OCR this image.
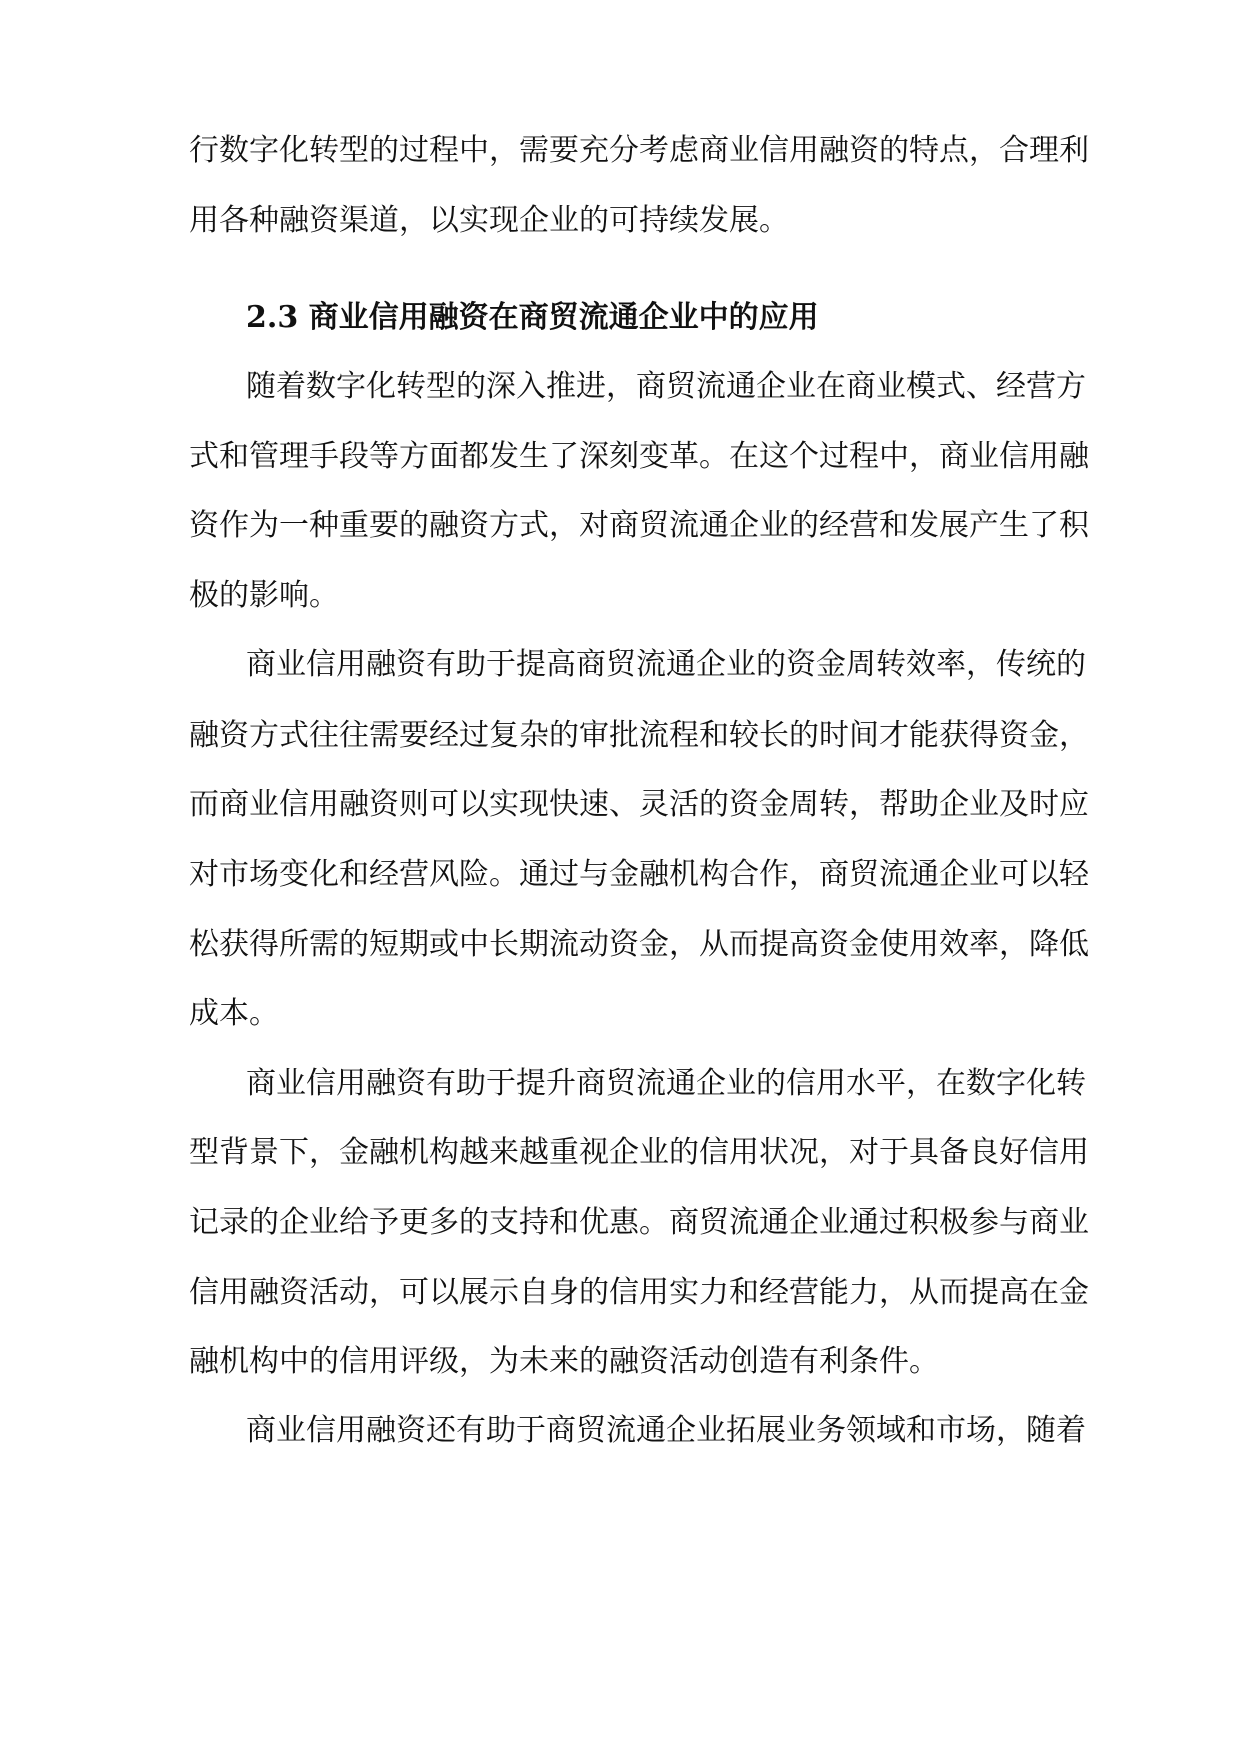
行数字化转型的过程中，需要充分考虑商业信用融资的特点，合理利
用各种融资渠道，以实现企业的可持续发展。
2.3 商业信用融资在商贸流通企业中的应用
随着数字化转型的深入推进，商贸流通企业在商业模式、经营方
式和管理手段等方面都发生了深刻变革。在这个过程中，商业信用融
资作为一种重要的融资方式，对商贸流通企业的经营和发展产生了积
极的影响。
商业信用融资有助于提高商贸流通企业的资金周转效率，传统的
融资方式往往需要经过复杂的审批流程和较长的时间才能获得资金，
而商业信用融资则可以实现快速、灵活的资金周转，帮助企业及时应
对市场变化和经营风险。通过与金融机构合作，商贸流通企业可以轻
松获得所需的短期或中长期流动资金，从而提高资金使用效率，降低
成本。
商业信用融资有助于提升商贸流通企业的信用水平，在数字化转
型背景下，金融机构越来越重视企业的信用状况，对于具备良好信用
记录的企业给予更多的支持和优惠。商贸流通企业通过积极参与商业
信用融资活动，可以展示自身的信用实力和经营能力，从而提高在金
融机构中的信用评级，为未来的融资活动创造有利条件。
商业信用融资还有助于商贸流通企业拓展业务领域和市场，随着
